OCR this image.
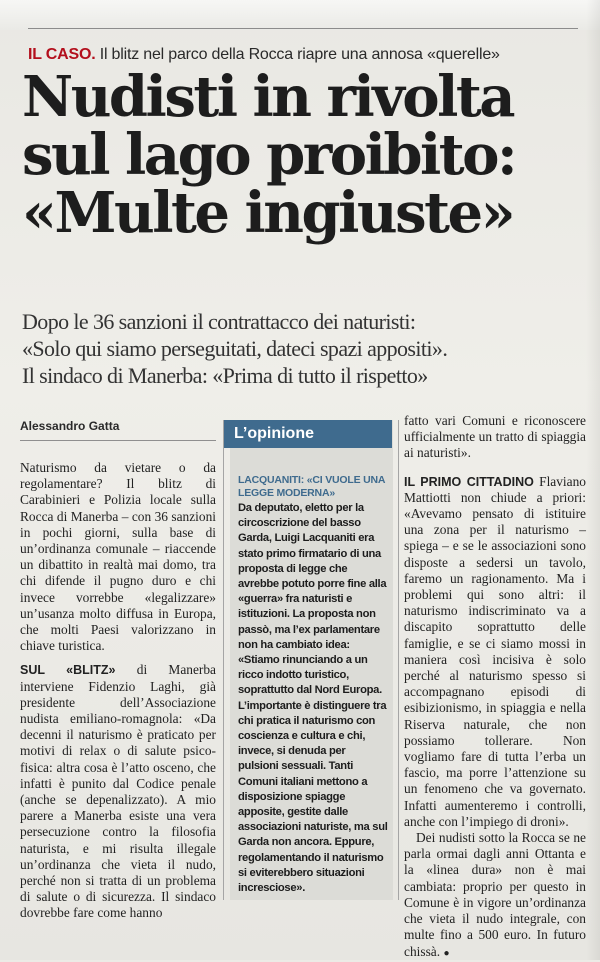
IL CASO. Il blitz nel parco della Rocca riapre una annosa «querelle»
Nudisti in rivolta
sul lago proibito:
«Multe ingiuste»
Dopo le 36 sanzioni il contrattacco dei naturisti:
«Solo qui siamo perseguitati, dateci spazi appositi».
Il sindaco di Manerba: «Prima di tutto il rispetto»
Alessandro Gatta

Naturismo da vietare o da regolamentare? Il blitz di Carabinieri e Polizia locale sulla Rocca di Manerba – con 36 sanzioni in pochi giorni, sulla base di un’ordinanza comunale – riaccende un dibattito in realtà mai domo, tra chi difende il pugno duro e chi invece vorrebbe «legalizzare» un’usanza molto diffusa in Europa, che molti Paesi valorizzano in chiave turistica.

SUL «BLITZ» di Manerba interviene Fidenzio Laghi, già presidente dell’Associazione nudista emiliano-romagnola: «Da decenni il naturismo è praticato per motivi di relax o di salute psico-fisica: altra cosa è l’atto osceno, che infatti è punito dal Codice penale (anche se depenalizzato). A mio parere a Manerba esiste una vera persecuzione contro la filosofia naturista, e mi risulta illegale un’ordinanza che vieta il nudo, perché non si tratta di un problema di salute o di sicurezza. Il sindaco dovrebbe fare come hanno

L’opinione
LACQUANITI: «CI VUOLE UNA LEGGE MODERNA»
Da deputato, eletto per la circoscrizione del basso Garda, Luigi Lacquaniti era stato primo firmatario di una proposta di legge che avrebbe potuto porre fine alla «guerra» fra naturisti e istituzioni. La proposta non passò, ma l’ex parlamentare non ha cambiato idea: «Stiamo rinunciando a un ricco indotto turistico, soprattutto dal Nord Europa. L’importante è distinguere tra chi pratica il naturismo con coscienza e cultura e chi, invece, si denuda per pulsioni sessuali. Tanti Comuni italiani mettono a disposizione spiagge apposite, gestite dalle associazioni naturiste, ma sul Garda non ancora. Eppure, regolamentando il naturismo si eviterebbero situazioni incresciose».

fatto vari Comuni e riconoscere ufficialmente un tratto di spiaggia ai naturisti».

IL PRIMO CITTADINO Flaviano Mattiotti non chiude a priori: «Avevamo pensato di istituire una zona per il naturismo – spiega – e se le associazioni sono disposte a sedersi un tavolo, faremo un ragionamento. Ma i problemi qui sono altri: il naturismo indiscriminato va a discapito soprattutto delle famiglie, e se ci siamo mossi in maniera così incisiva è solo perché al naturismo spesso si accompagnano episodi di esibizionismo, in spiaggia e nella Riserva naturale, che non possiamo tollerare. Non vogliamo fare di tutta l’erba un fascio, ma porre l’attenzione su un fenomeno che va governato. Infatti aumenteremo i controlli, anche con l’impiego di droni».

Dei nudisti sotto la Rocca se ne parla ormai dagli anni Ottanta e la «linea dura» non è mai cambiata: proprio per questo in Comune è in vigore un’ordinanza che vieta il nudo integrale, con multe fino a 500 euro. In futuro chissà. ●
